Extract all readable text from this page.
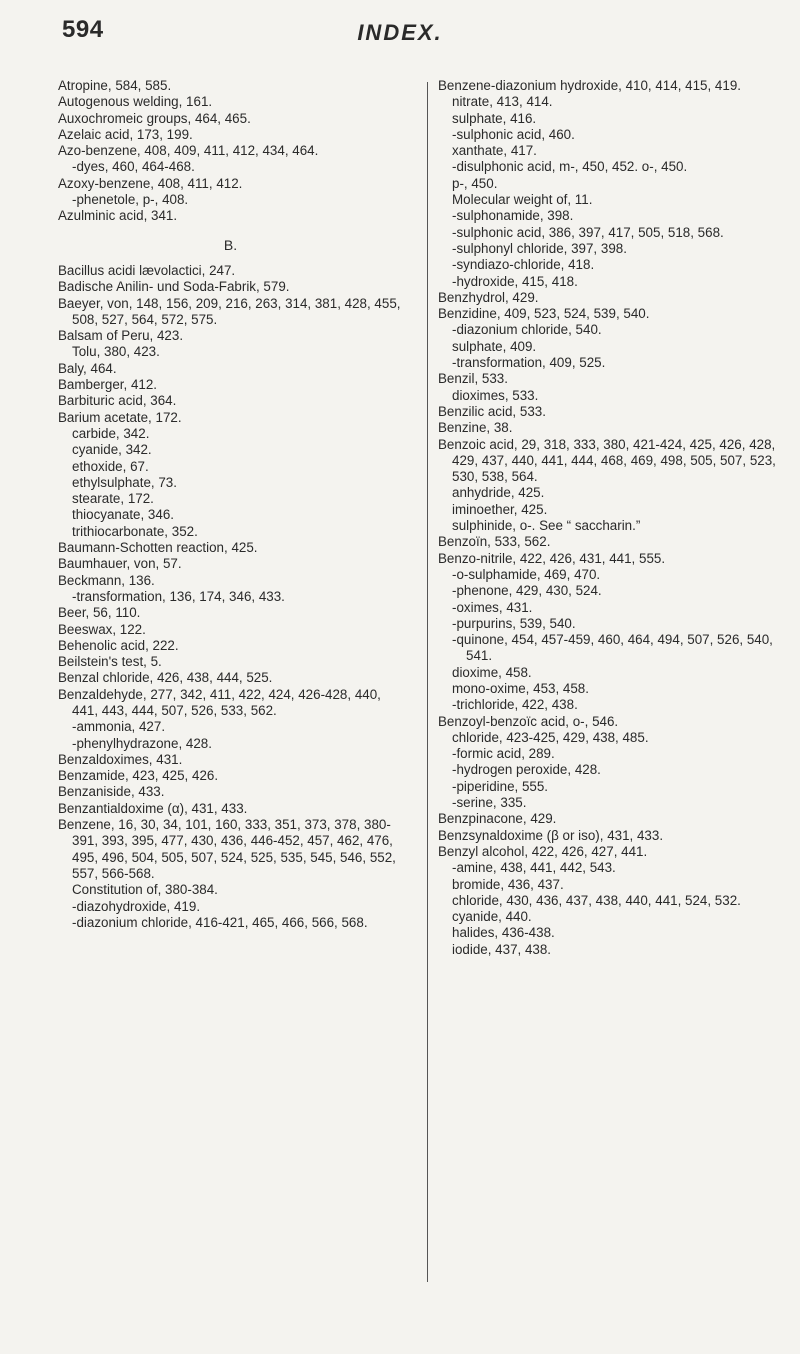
594	INDEX.

Atropine, 584, 585.

Autogenous welding, 161.

Auxochromeic groups, 464, 465.

Azelaic acid, 173, 199.

Azo-benzene, 408, 409, 411, 412, 434, 464.

-dyes, 460, 464-468.

Azoxy-benzene, 408, 411, 412.

-phenetole, p-, 408.

Azulminic acid, 341.

B.

Bacillus acidi lævolactici, 247.

Badische Anilin- und Soda-Fabrik, 579.

Baeyer, von, 148, 156, 209, 216, 263, 314, 381, 428, 455, 508, 527, 564, 572, 575.

Balsam of Peru, 423.

Tolu, 380, 423.

Baly, 464.

Bamberger, 412.

Barbituric acid, 364.

Barium acetate, 172.

carbide, 342.

cyanide, 342.

ethoxide, 67.

ethylsulphate, 73.

stearate, 172.

thiocyanate, 346.

trithiocarbonate, 352.

Baumann-Schotten reaction, 425.

Baumhauer, von, 57.

Beckmann, 136.

-transformation, 136, 174, 346, 433.

Beer, 56, 110.

Beeswax, 122.

Behenolic acid, 222.

Beilstein's test, 5.

Benzal chloride, 426, 438, 444, 525.

Benzaldehyde, 277, 342, 411, 422, 424, 426-428, 440, 441, 443, 444, 507, 526, 533, 562.

-ammonia, 427.

-phenylhydrazone, 428.

Benzaldoximes, 431.

Benzamide, 423, 425, 426.

Benzaniside, 433.

Benzantialdoxime (α), 431, 433.

Benzene, 16, 30, 34, 101, 160, 333, 351, 373, 378, 380-391, 393, 395, 477, 430, 436, 446-452, 457, 462, 476, 495, 496, 504, 505, 507, 524, 525, 535, 545, 546, 552, 557, 566-568.

Constitution of, 380-384.

-diazohydroxide, 419.

-diazonium chloride, 416-421, 465, 466, 566, 568.

Benzene-diazonium hydroxide, 410, 414, 415, 419.

nitrate, 413, 414.

sulphate, 416.

-sulphonic acid, 460.

xanthate, 417.

-disulphonic acid, m-, 450, 452. o-, 450.

p-, 450.

Molecular weight of, 11.

-sulphonamide, 398.

-sulphonic acid, 386, 397, 417, 505, 518, 568.

-sulphonyl chloride, 397, 398.

-syndiazo-chloride, 418.

-hydroxide, 415, 418.

Benzhydrol, 429.

Benzidine, 409, 523, 524, 539, 540.

-diazonium chloride, 540.

sulphate, 409.

-transformation, 409, 525.

Benzil, 533.

dioximes, 533.

Benzilic acid, 533.

Benzine, 38.

Benzoic acid, 29, 318, 333, 380, 421-424, 425, 426, 428, 429, 437, 440, 441, 444, 468, 469, 498, 505, 507, 523, 530, 538, 564.

anhydride, 425.

iminoether, 425.

sulphinide, o-. See “ saccharin.”

Benzoïn, 533, 562.

Benzo-nitrile, 422, 426, 431, 441, 555.

-o-sulphamide, 469, 470.

-phenone, 429, 430, 524.

-oximes, 431.

-purpurins, 539, 540.

-quinone, 454, 457-459, 460, 464, 494, 507, 526, 540, 541.

dioxime, 458.

mono-oxime, 453, 458.

-trichloride, 422, 438.

Benzoyl-benzoïc acid, o-, 546.

chloride, 423-425, 429, 438, 485.

-formic acid, 289.

-hydrogen peroxide, 428.

-piperidine, 555.

-serine, 335.

Benzpinacone, 429.

Benzsynaldoxime (β or iso), 431, 433.

Benzyl alcohol, 422, 426, 427, 441.

-amine, 438, 441, 442, 543.

bromide, 436, 437.

chloride, 430, 436, 437, 438, 440, 441, 524, 532.

cyanide, 440.

halides, 436-438.

iodide, 437, 438.
